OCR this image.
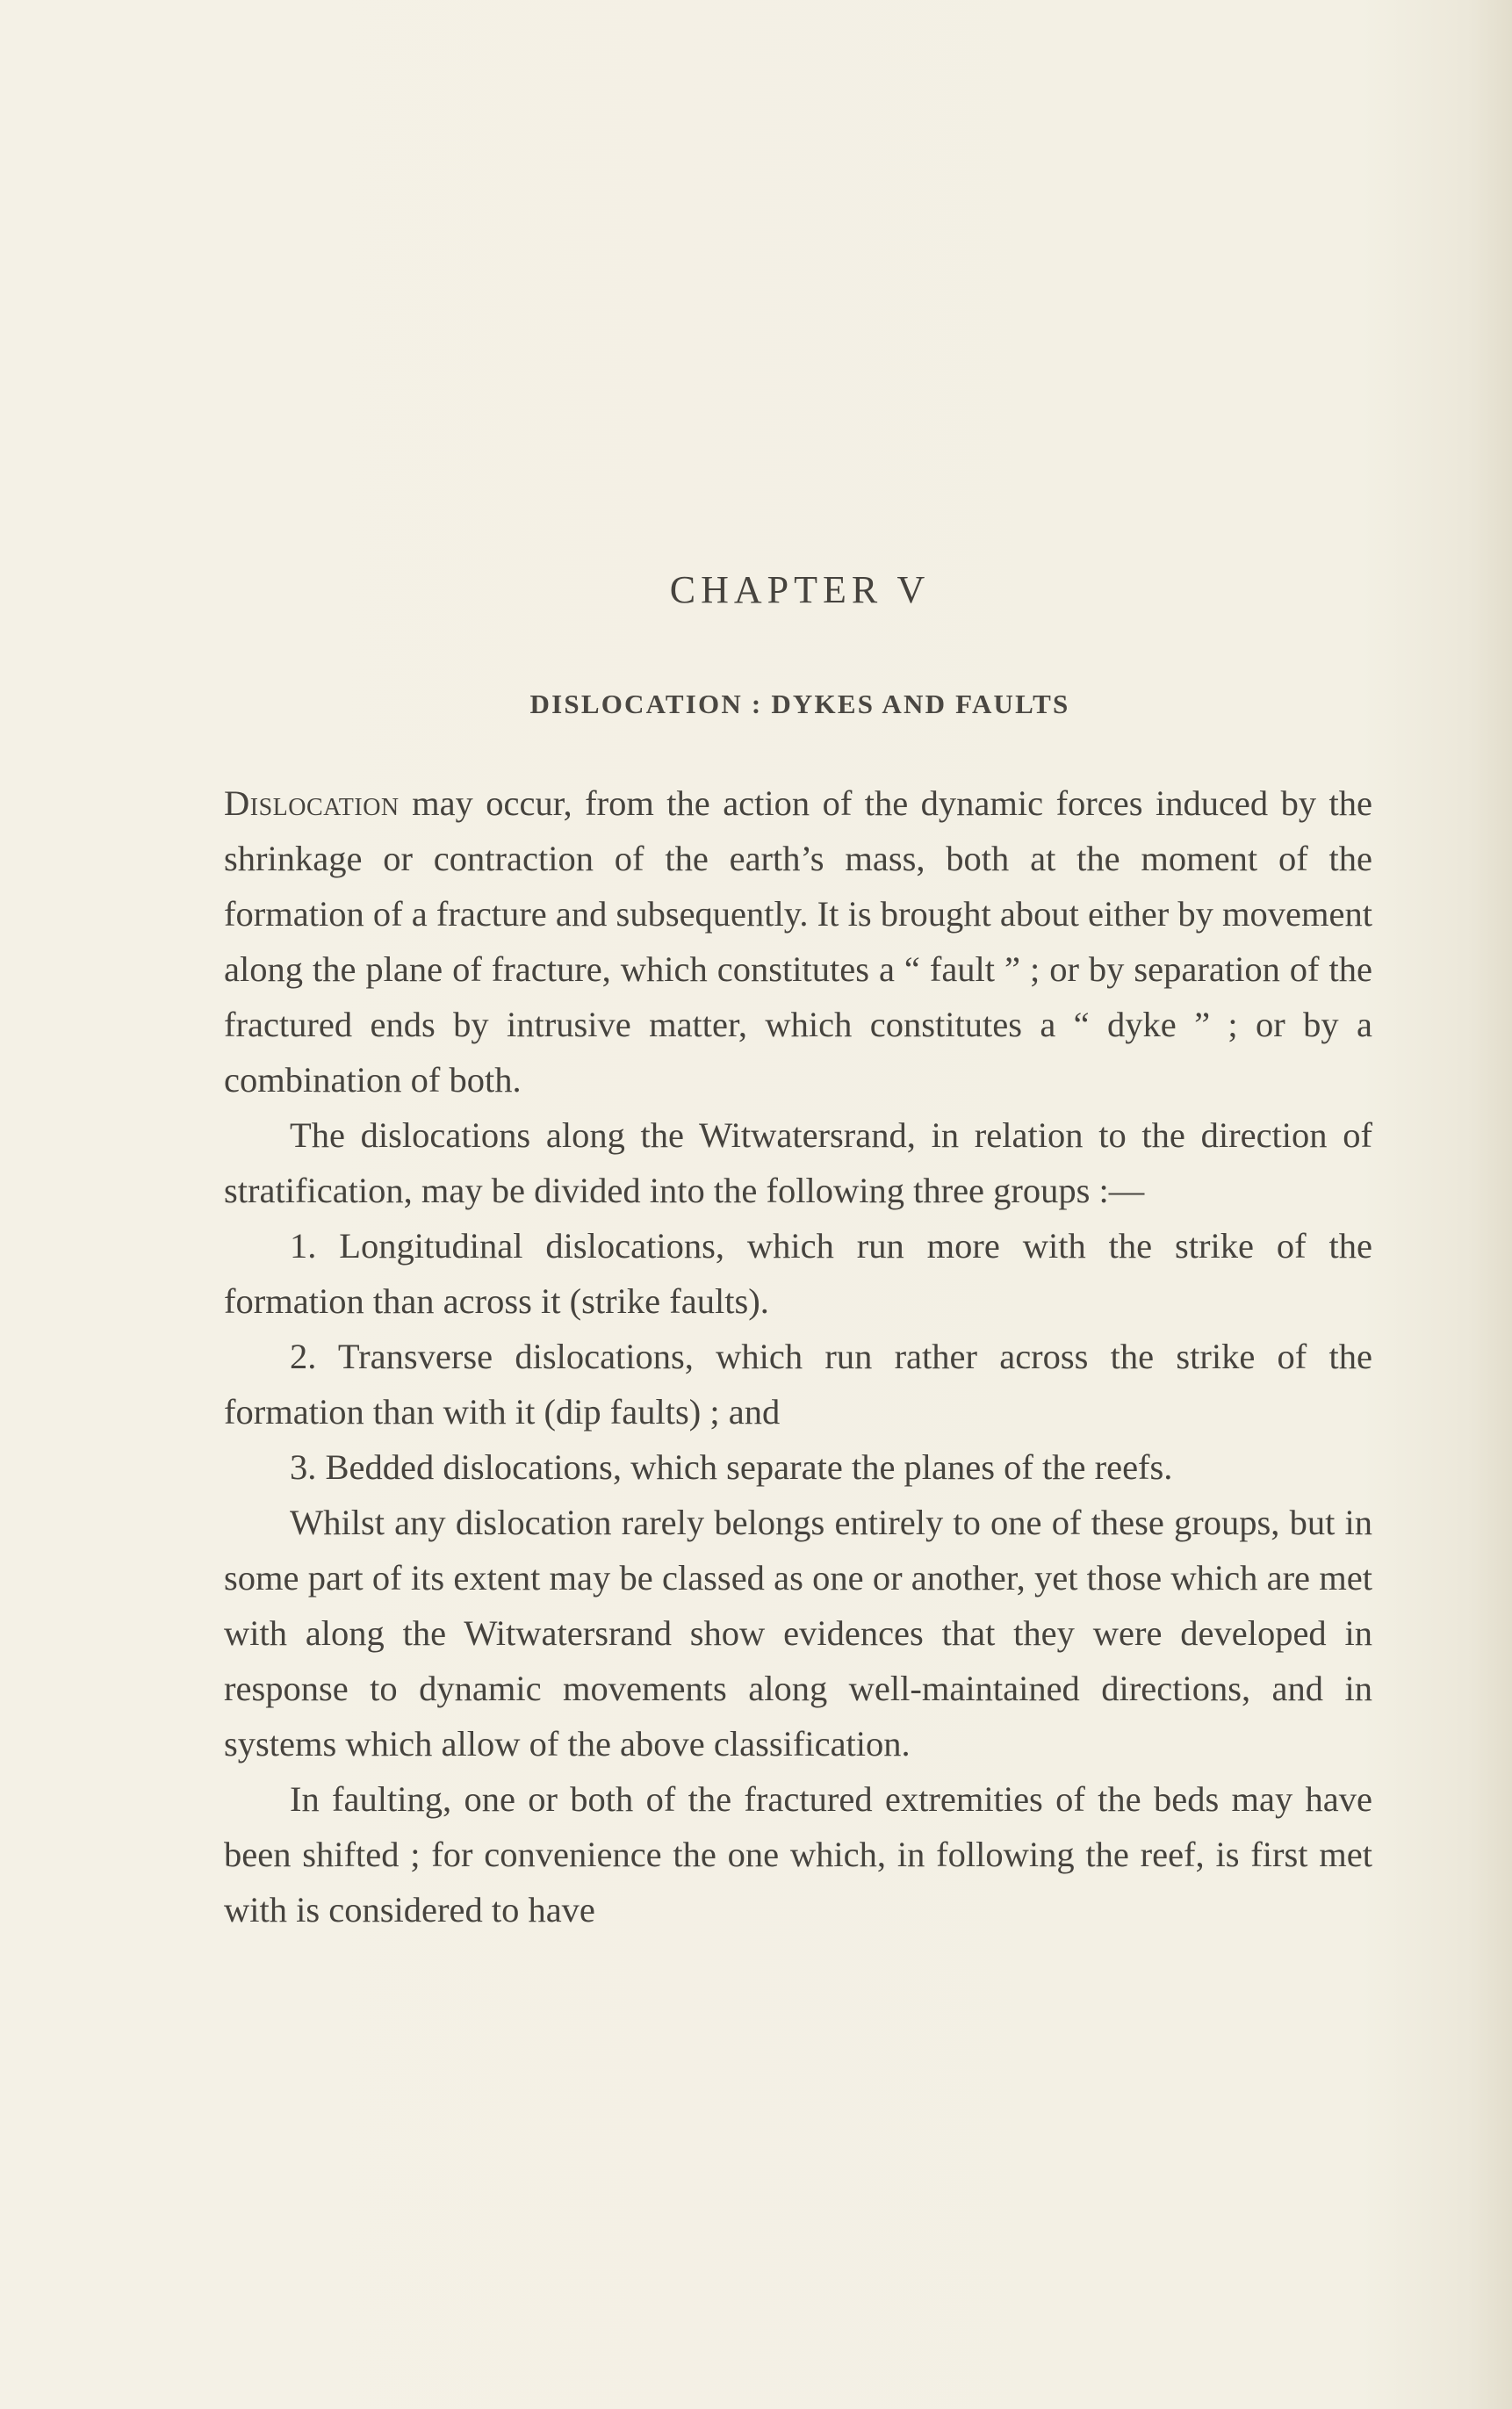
CHAPTER V
DISLOCATION : DYKES AND FAULTS

Dislocation may occur, from the action of the dynamic forces induced by the shrinkage or contraction of the earth’s mass, both at the moment of the formation of a fracture and subsequently. It is brought about either by movement along the plane of fracture, which constitutes a “ fault ” ; or by separation of the fractured ends by intrusive matter, which constitutes a “ dyke ” ; or by a combination of both.

The dislocations along the Witwatersrand, in relation to the direction of stratification, may be divided into the following three groups :—

1. Longitudinal dislocations, which run more with the strike of the formation than across it (strike faults).

2. Transverse dislocations, which run rather across the strike of the formation than with it (dip faults) ; and

3. Bedded dislocations, which separate the planes of the reefs.

Whilst any dislocation rarely belongs entirely to one of these groups, but in some part of its extent may be classed as one or another, yet those which are met with along the Witwatersrand show evidences that they were developed in response to dynamic movements along well-maintained directions, and in systems which allow of the above classification.

In faulting, one or both of the fractured extremities of the beds may have been shifted ; for convenience the one which, in following the reef, is first met with is considered to have
